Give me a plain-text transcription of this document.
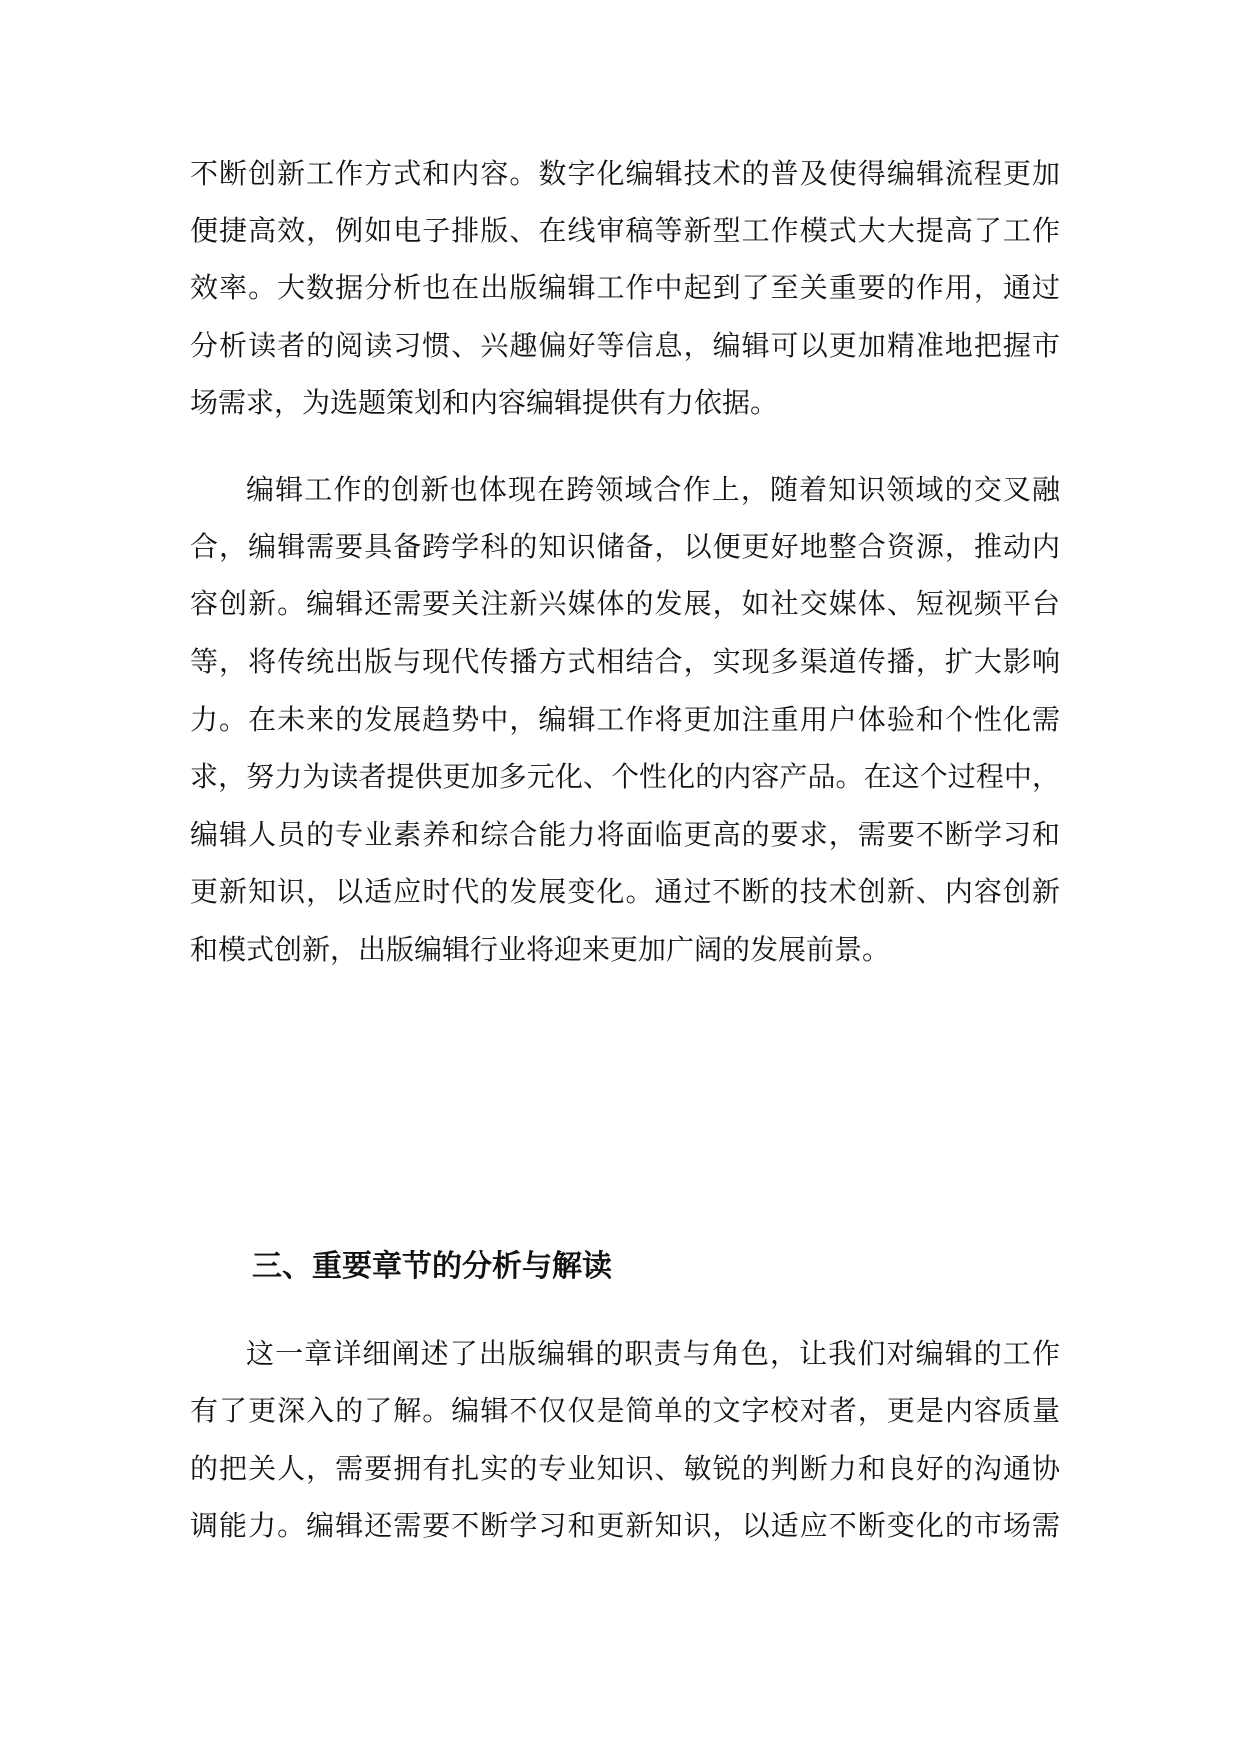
不断创新工作方式和内容。数字化编辑技术的普及使得编辑流程更加
便捷高效，例如电子排版、在线审稿等新型工作模式大大提高了工作
效率。大数据分析也在出版编辑工作中起到了至关重要的作用，通过
分析读者的阅读习惯、兴趣偏好等信息，编辑可以更加精准地把握市
场需求，为选题策划和内容编辑提供有力依据。
编辑工作的创新也体现在跨领域合作上，随着知识领域的交叉融
合，编辑需要具备跨学科的知识储备，以便更好地整合资源，推动内
容创新。编辑还需要关注新兴媒体的发展，如社交媒体、短视频平台
等，将传统出版与现代传播方式相结合，实现多渠道传播，扩大影响
力。在未来的发展趋势中，编辑工作将更加注重用户体验和个性化需
求，努力为读者提供更加多元化、个性化的内容产品。在这个过程中，
编辑人员的专业素养和综合能力将面临更高的要求，需要不断学习和
更新知识，以适应时代的发展变化。通过不断的技术创新、内容创新
和模式创新，出版编辑行业将迎来更加广阔的发展前景。
三、重要章节的分析与解读
这一章详细阐述了出版编辑的职责与角色，让我们对编辑的工作
有了更深入的了解。编辑不仅仅是简单的文字校对者，更是内容质量
的把关人，需要拥有扎实的专业知识、敏锐的判断力和良好的沟通协
调能力。编辑还需要不断学习和更新知识，以适应不断变化的市场需
